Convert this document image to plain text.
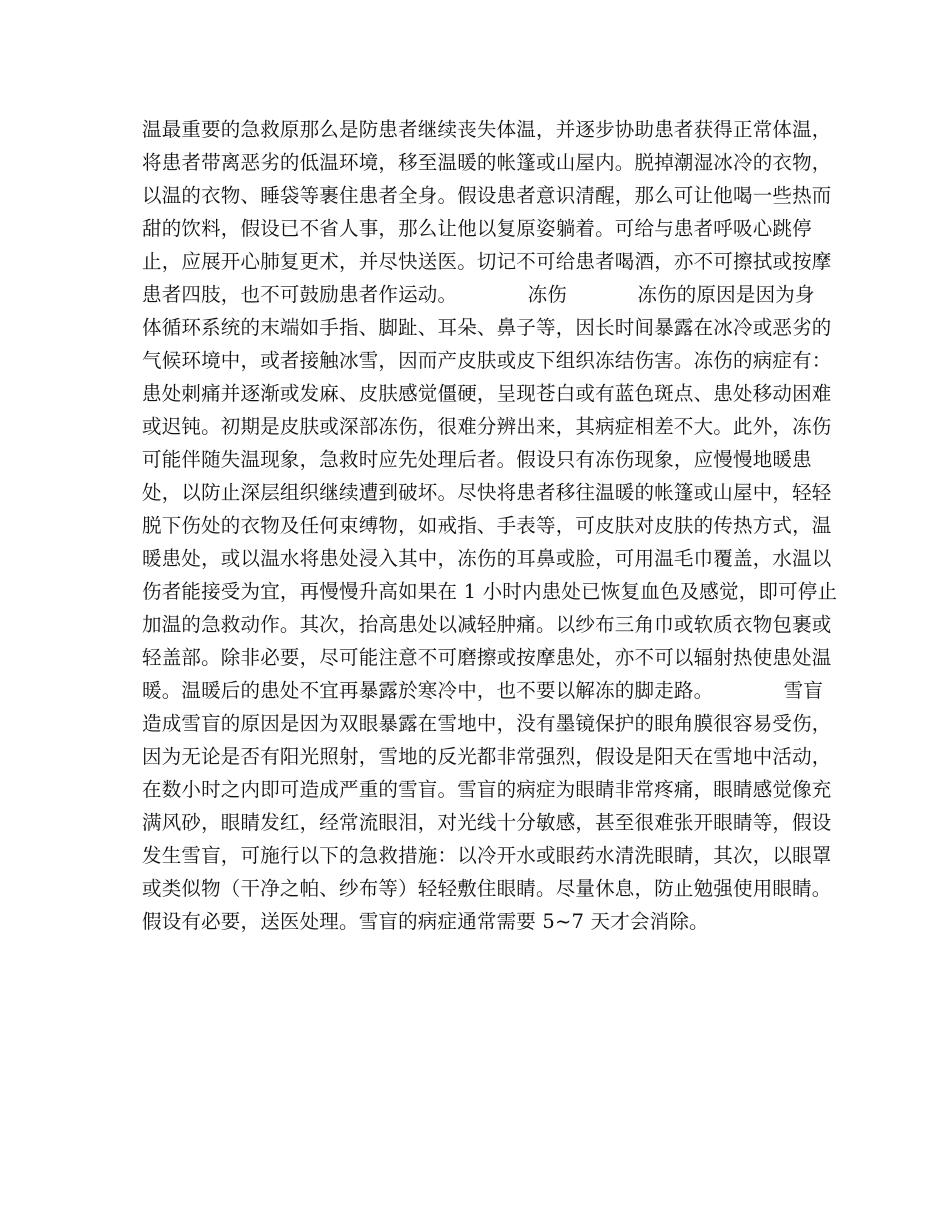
温最重要的急救原那么是防患者继续丧失体温，并逐步协助患者获得正常体温，
将患者带离恶劣的低温环境，移至温暖的帐篷或山屋内。脱掉潮湿冰冷的衣物，
以温的衣物、睡袋等裹住患者全身。假设患者意识清醒，那么可让他喝一些热而
甜的饮料，假设已不省人事，那么让他以复原姿躺着。可给与患者呼吸心跳停
止，应展开心肺复更术，并尽快送医。切记不可给患者喝酒，亦不可擦拭或按摩
患者四肢，也不可鼓励患者作运动。           冻伤           冻伤的原因是因为身
体循环系统的末端如手指、脚趾、耳朵、鼻子等，因长时间暴露在冰冷或恶劣的
气候环境中，或者接触冰雪，因而产皮肤或皮下组织冻结伤害。冻伤的病症有：
患处刺痛并逐渐或发麻、皮肤感觉僵硬，呈现苍白或有蓝色斑点、患处移动困难
或迟钝。初期是皮肤或深部冻伤，很难分辨出来，其病症相差不大。此外，冻伤
可能伴随失温现象，急救时应先处理后者。假设只有冻伤现象，应慢慢地暖患
处，以防止深层组织继续遭到破坏。尽快将患者移往温暖的帐篷或山屋中，轻轻
脱下伤处的衣物及任何束缚物，如戒指、手表等，可皮肤对皮肤的传热方式，温
暖患处，或以温水将患处浸入其中，冻伤的耳鼻或脸，可用温毛巾覆盖，水温以
伤者能接受为宜，再慢慢升高如果在 1 小时内患处已恢复血色及感觉，即可停止
加温的急救动作。其次，抬高患处以减轻肿痛。以纱布三角巾或软质衣物包裹或
轻盖部。除非必要，尽可能注意不可磨擦或按摩患处，亦不可以辐射热使患处温
暖。温暖后的患处不宜再暴露於寒冷中，也不要以解冻的脚走路。           雪盲
造成雪盲的原因是因为双眼暴露在雪地中，没有墨镜保护的眼角膜很容易受伤，
因为无论是否有阳光照射，雪地的反光都非常强烈，假设是阳天在雪地中活动，
在数小时之内即可造成严重的雪盲。雪盲的病症为眼睛非常疼痛，眼睛感觉像充
满风砂，眼睛发红，经常流眼泪，对光线十分敏感，甚至很难张开眼睛等，假设
发生雪盲，可施行以下的急救措施：以冷开水或眼药水清洗眼睛，其次，以眼罩
或类似物（干净之帕、纱布等）轻轻敷住眼睛。尽量休息，防止勉强使用眼睛。
假设有必要，送医处理。雪盲的病症通常需要 5~7 天才会消除。
